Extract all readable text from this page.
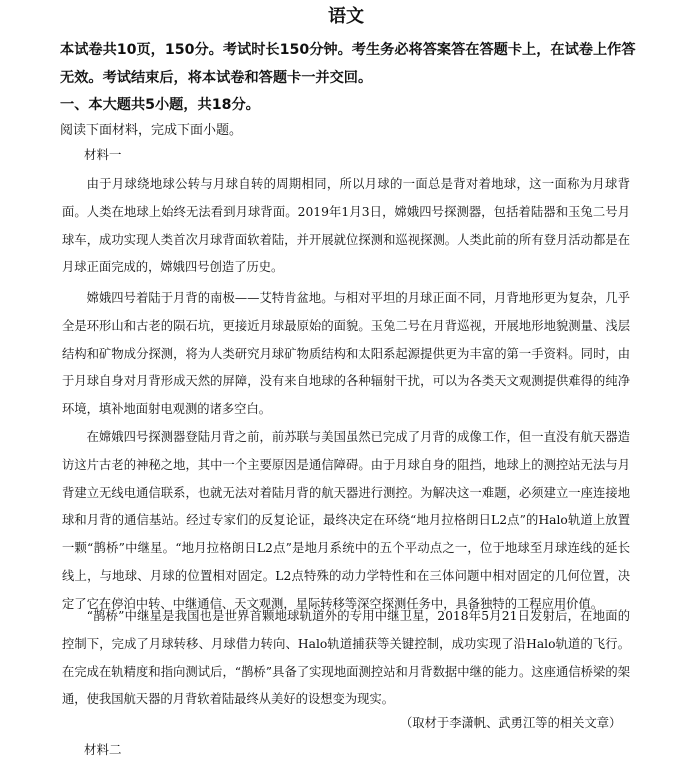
语文
本试卷共10页，150分。考试时长150分钟。考生务必将答案答在答题卡上，在试卷上作答无效。考试结束后，将本试卷和答题卡一并交回。
一、本大题共5小题，共18分。
阅读下面材料，完成下面小题。
材料一
由于月球绕地球公转与月球自转的周期相同，所以月球的一面总是背对着地球，这一面称为月球背面。人类在地球上始终无法看到月球背面。2019年1月3日，嫦娥四号探测器，包括着陆器和玉兔二号月球车，成功实现人类首次月球背面软着陆，并开展就位探测和巡视探测。人类此前的所有登月活动都是在月球正面完成的，嫦娥四号创造了历史。
嫦娥四号着陆于月背的南极——艾特肯盆地。与相对平坦的月球正面不同，月背地形更为复杂，几乎全是环形山和古老的陨石坑，更接近月球最原始的面貌。玉兔二号在月背巡视，开展地形地貌测量、浅层结构和矿物成分探测，将为人类研究月球矿物质结构和太阳系起源提供更为丰富的第一手资料。同时，由于月球自身对月背形成天然的屏障，没有来自地球的各种辐射干扰，可以为各类天文观测提供难得的纯净环境，填补地面射电观测的诸多空白。
在嫦娥四号探测器登陆月背之前，前苏联与美国虽然已完成了月背的成像工作，但一直没有航天器造访这片古老的神秘之地，其中一个主要原因是通信障碍。由于月球自身的阻挡，地球上的测控站无法与月背建立无线电通信联系，也就无法对着陆月背的航天器进行测控。为解决这一难题，必须建立一座连接地球和月背的通信基站。经过专家们的反复论证，最终决定在环绕“地月拉格朗日L2点”的Halo轨道上放置一颗“鹊桥”中继星。“地月拉格朗日L2点”是地月系统中的五个平动点之一，位于地球至月球连线的延长线上，与地球、月球的位置相对固定。L2点特殊的动力学特性和在三体问题中相对固定的几何位置，决定了它在停泊中转、中继通信、天文观测，星际转移等深空探测任务中，具备独特的工程应用价值。
“鹊桥”中继星是我国也是世界首颗地球轨道外的专用中继卫星，2018年5月21日发射后，在地面的控制下，完成了月球转移、月球借力转向、Halo轨道捕获等关键控制，成功实现了沿Halo轨道的飞行。在完成在轨精度和指向测试后，“鹊桥”具备了实现地面测控站和月背数据中继的能力。这座通信桥梁的架通，使我国航天器的月背软着陆最终从美好的设想变为现实。
（取材于李潇帆、武勇江等的相关文章）
材料二
